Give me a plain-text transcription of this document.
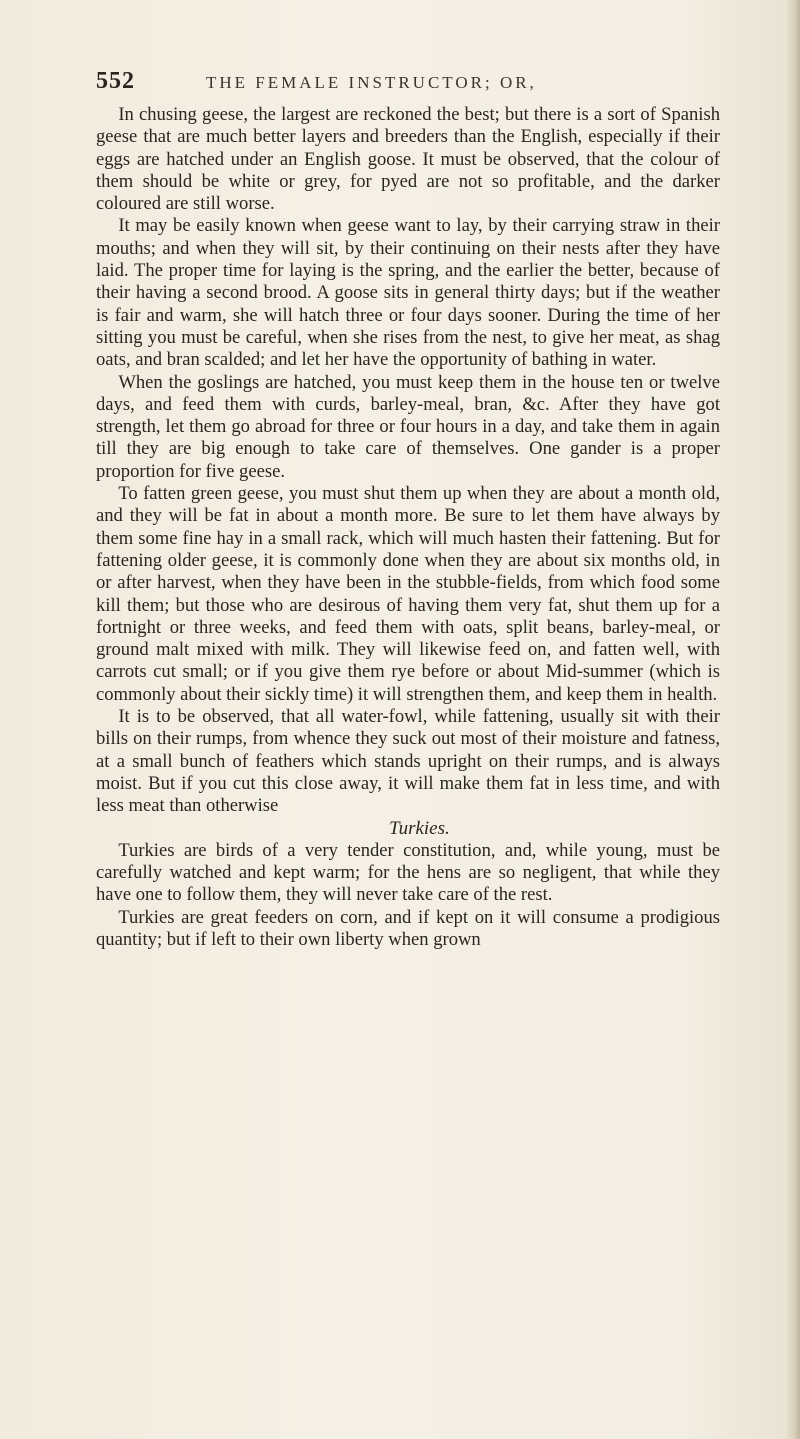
552	THE FEMALE INSTRUCTOR; OR,

In chusing geese, the largest are reckoned the best; but there is a sort of Spanish geese that are much better layers and breeders than the English, especially if their eggs are hatched under an English goose. It must be observed, that the colour of them should be white or grey, for pyed are not so profitable, and the darker coloured are still worse.

It may be easily known when geese want to lay, by their carrying straw in their mouths; and when they will sit, by their continuing on their nests after they have laid. The proper time for laying is the spring, and the earlier the better, because of their having a second brood. A goose sits in general thirty days; but if the weather is fair and warm, she will hatch three or four days sooner. During the time of her sitting you must be careful, when she rises from the nest, to give her meat, as shag oats, and bran scalded; and let her have the opportunity of bathing in water.

When the goslings are hatched, you must keep them in the house ten or twelve days, and feed them with curds, barley-meal, bran, &c. After they have got strength, let them go abroad for three or four hours in a day, and take them in again till they are big enough to take care of themselves. One gander is a proper proportion for five geese.

To fatten green geese, you must shut them up when they are about a month old, and they will be fat in about a month more. Be sure to let them have always by them some fine hay in a small rack, which will much hasten their fattening. But for fattening older geese, it is commonly done when they are about six months old, in or after harvest, when they have been in the stubble-fields, from which food some kill them; but those who are desirous of having them very fat, shut them up for a fortnight or three weeks, and feed them with oats, split beans, barley-meal, or ground malt mixed with milk. They will likewise feed on, and fatten well, with carrots cut small; or if you give them rye before or about Mid-summer (which is commonly about their sickly time) it will strengthen them, and keep them in health.

It is to be observed, that all water-fowl, while fattening, usually sit with their bills on their rumps, from whence they suck out most of their moisture and fatness, at a small bunch of feathers which stands upright on their rumps, and is always moist. But if you cut this close away, it will make them fat in less time, and with less meat than otherwise

Turkies.

Turkies are birds of a very tender constitution, and, while young, must be carefully watched and kept warm; for the hens are so negligent, that while they have one to follow them, they will never take care of the rest.

Turkies are great feeders on corn, and if kept on it will consume a prodigious quantity; but if left to their own liberty when grown
